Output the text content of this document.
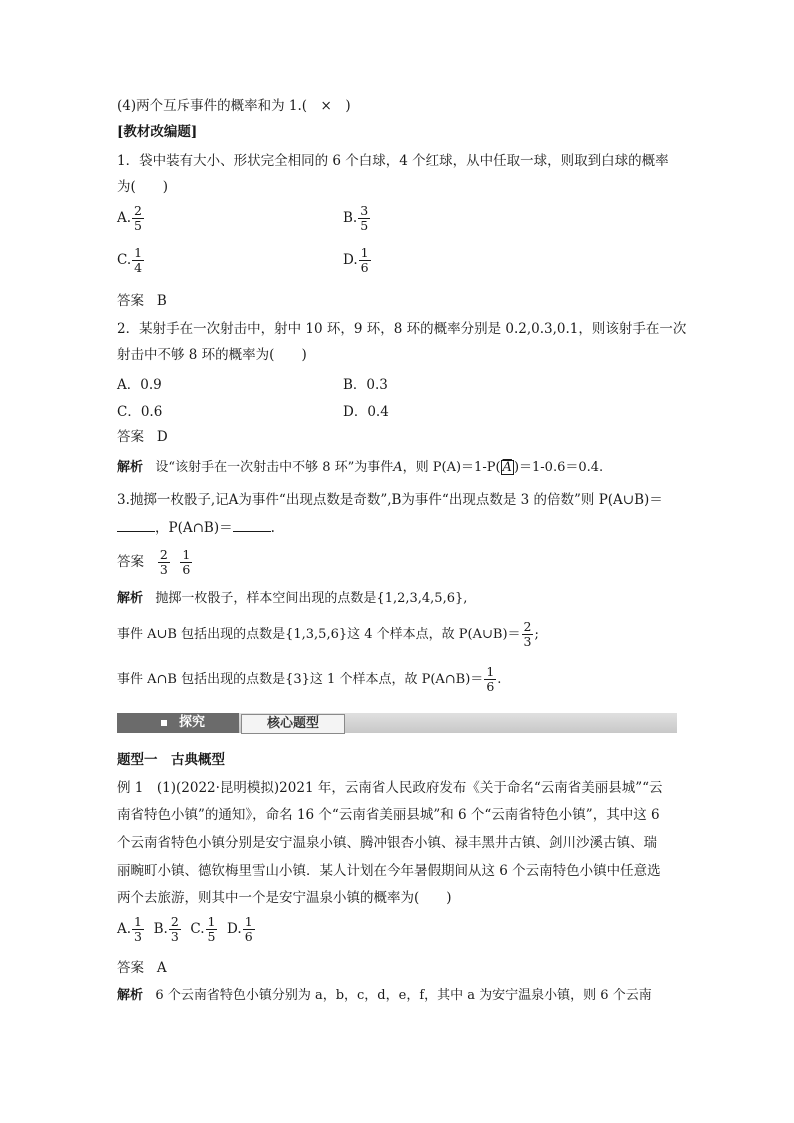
(4)两个互斥事件的概率和为 1.(　×　)
[教材改编题]
1．袋中装有大小、形状完全相同的 6 个白球，4 个红球，从中任取一球，则取到白球的概率
为(　　)
A. $\frac{2}{5}$	B. $\frac{3}{5}$
C. $\frac{1}{4}$	D. $\frac{1}{6}$
答案 B
2．某射手在一次射击中，射中 10 环，9 环，8 环的概率分别是 0.2,0.3,0.1，则该射手在一次
射击中不够 8 环的概率为(　　)
A．0.9	B．0.3
C．0.6	D．0.4
答案 D
解析 设“该射手在一次射击中不够 8 环”为事件A，则 P(A)＝1-P( $\overline{A}$ )＝1-0.6＝0.4.
3.抛掷一枚骰子,记A为事件“出现点数是奇数”,B为事件“出现点数是 3 的倍数”则 P(A∪B)＝
，P(A∩B)＝	.
答案 $\frac{2}{3}$
$\frac{1}{6}$
解析 抛掷一枚骰子，样本空间出现的点数是{1,2,3,4,5,6},
事件 A∪B 包括出现的点数是{1,3,5,6}这 4 个样本点，故 P(A∪B)＝ $\frac{2}{3}$ ;
事件 A∩B 包括出现的点数是{3}这 1 个样本点，故 P(A∩B)＝ $\frac{1}{6}$ .
探究	核心题型
题型一　古典概型
例 1　(1)(2022·昆明模拟)2021 年，云南省人民政府发布《关于命名“云南省美丽县城”“云
南省特色小镇”的通知》，命名 16 个“云南省美丽县城”和 6 个“云南省特色小镇”，其中这 6
个云南省特色小镇分别是安宁温泉小镇、腾冲银杏小镇、禄丰黑井古镇、剑川沙溪古镇、瑞
丽畹町小镇、德钦梅里雪山小镇．某人计划在今年暑假期间从这 6 个云南特色小镇中任意选
两个去旅游，则其中一个是安宁温泉小镇的概率为(　　)
A. $\frac{1}{3} B$. $\frac{2}{3} C$. $\frac{1}{5} D$. $\frac{1}{6}$
答案 A
解析 6 个云南省特色小镇分别为 a，b，c，d，e，f，其中 a 为安宁温泉小镇，则 6 个云南
